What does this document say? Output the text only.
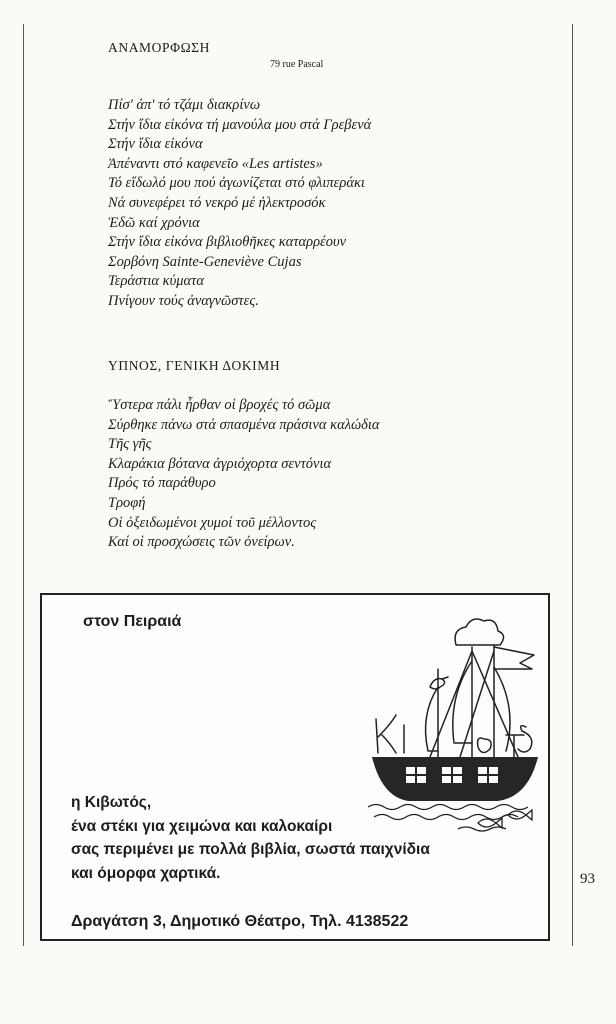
ΑΝΑΜΟΡΦΩΣΗ
79 rue Pascal
Πίσ' ἀπ' τό τζάμι διακρίνω
Στήν ἴδια εἰκόνα τή μανούλα μου στά Γρεβενά
Στήν ἴδια εἰκόνα
Ἀπέναντι στό καφενεῖο «Les artistes»
Τό εἴδωλό μου πού ἀγωνίζεται στό φλιπεράκι
Νά συνεφέρει τό νεκρό μέ ἠλεκτροσόκ
Ἐδῶ καί χρόνια
Στήν ἴδια εἰκόνα βιβλιοθῆκες καταρρέουν
Σορβόνη Sainte-Geneviève Cujas
Τεράστια κύματα
Πνίγουν τούς ἀναγνῶστες.
ΥΠΝΟΣ, ΓΕΝΙΚΗ ΔΟΚΙΜΗ
Ὕστερα πάλι ἦρθαν οἱ βροχές τό σῶμα
Σύρθηκε πάνω στά σπασμένα πράσινα καλώδια
Τῆς γῆς
Κλαράκια βότανα ἀγριόχορτα σεντόνια
Πρός τό παράθυρο
Τροφή
Οἱ ὀξειδωμένοι χυμοί τοῦ μέλλοντος
Καί οἱ προσχώσεις τῶν ὀνείρων.
στον Πειραιά
η Κιβωτός,
ένα στέκι για χειμώνα και καλοκαίρι
σας περιμένει με πολλά βιβλία, σωστά παιχνίδια
και όμορφα χαρτικά.
Δραγάτση 3, Δημοτικό Θέατρο, Τηλ. 4138522
93
